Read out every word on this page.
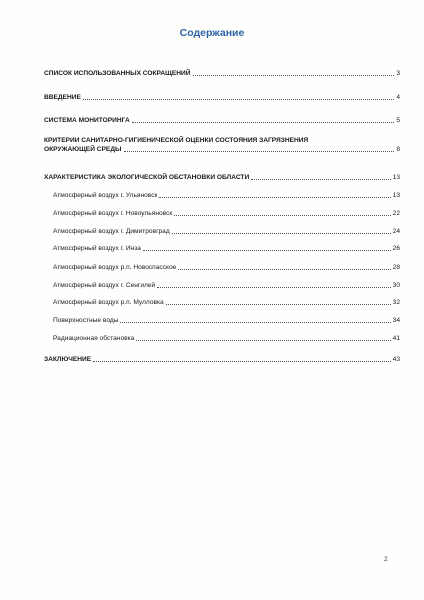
Содержание
СПИСОК ИСПОЛЬЗОВАННЫХ СОКРАЩЕНИЙ	3
ВВЕДЕНИЕ	4
СИСТЕМА МОНИТОРИНГА	5
КРИТЕРИИ САНИТАРНО-ГИГИЕНИЧЕСКОЙ ОЦЕНКИ СОСТОЯНИЯ ЗАГРЯЗНЕНИЯ
ОКРУЖАЮЩЕЙ СРЕДЫ	8
ХАРАКТЕРИСТИКА ЭКОЛОГИЧЕСКОЙ ОБСТАНОВКИ ОБЛАСТИ	13
Атмосферный воздух г. Ульяновск	13
Атмосферный воздух г. Новоульяновск	22
Атмосферный воздух г. Димитровград	24
Атмосферный воздух г. Инза	26
Атмосферный воздух р.п. Новоспасское	28
Атмосферный воздух г. Сенгилей	30
Атмосферный воздух р.п. Мулловка	32
Поверхностные воды	34
Радиационная обстановка	41
ЗАКЛЮЧЕНИЕ	43
2
